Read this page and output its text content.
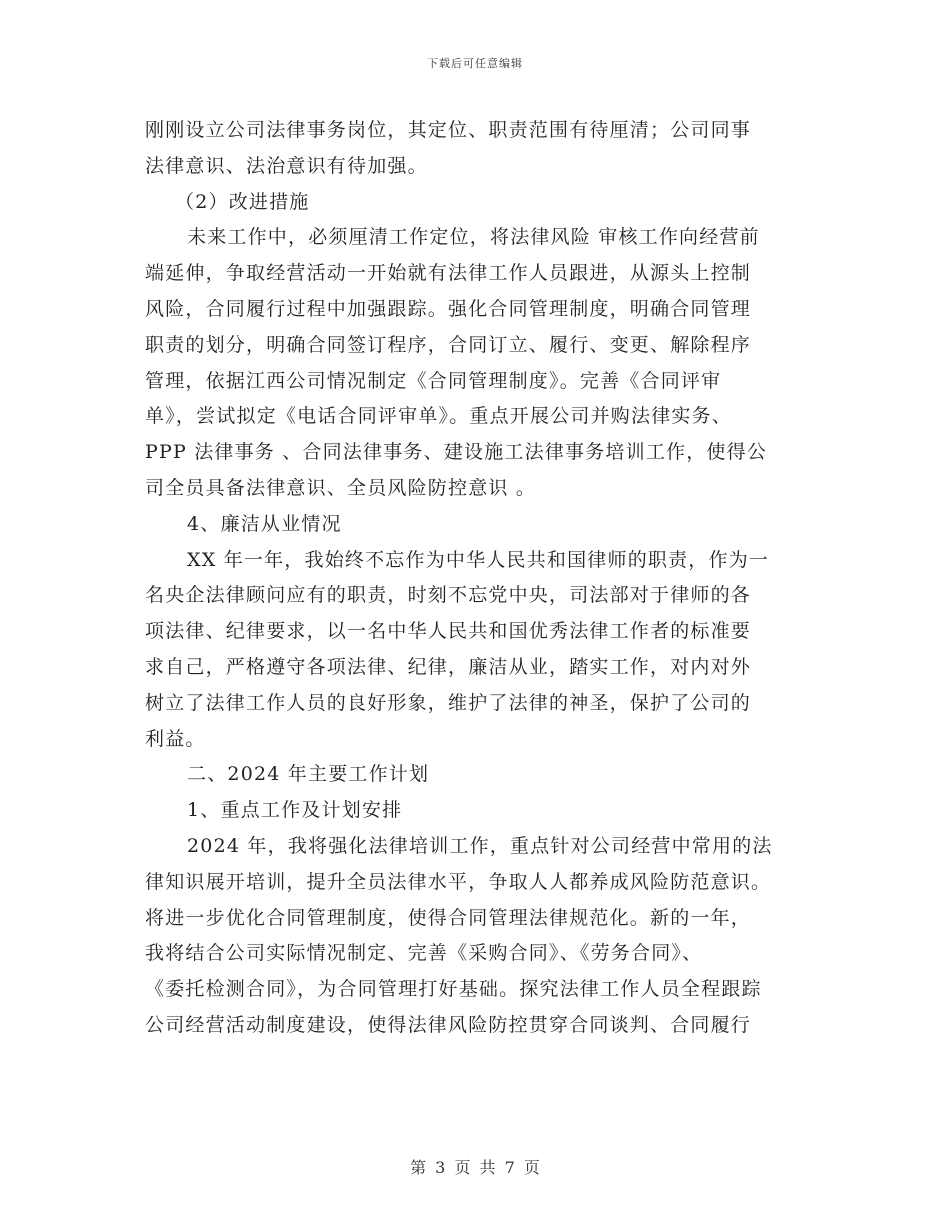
下载后可任意编辑
刚刚设立公司法律事务岗位，其定位、职责范围有待厘清；公司同事
法律意识、法治意识有待加强。
（2）改进措施
未来工作中，必须厘清工作定位，将法律风险 审核工作向经营前
端延伸，争取经营活动一开始就有法律工作人员跟进，从源头上控制
风险，合同履行过程中加强跟踪。强化合同管理制度，明确合同管理
职责的划分，明确合同签订程序，合同订立、履行、变更、解除程序
管理，依据江西公司情况制定《合同管理制度》。完善《合同评审
单》，尝试拟定《电话合同评审单》。重点开展公司并购法律实务、
PPP 法律事务 、合同法律事务、建设施工法律事务培训工作，使得公
司全员具备法律意识、全员风险防控意识 。
4、廉洁从业情况
XX 年一年，我始终不忘作为中华人民共和国律师的职责，作为一
名央企法律顾问应有的职责，时刻不忘党中央，司法部对于律师的各
项法律、纪律要求，以一名中华人民共和国优秀法律工作者的标准要
求自己，严格遵守各项法律、纪律，廉洁从业，踏实工作，对内对外
树立了法律工作人员的良好形象，维护了法律的神圣，保护了公司的
利益。
二、2024 年主要工作计划
1、重点工作及计划安排
2024 年，我将强化法律培训工作，重点针对公司经营中常用的法
律知识展开培训，提升全员法律水平，争取人人都养成风险防范意识。
将进一步优化合同管理制度，使得合同管理法律规范化。新的一年，
我将结合公司实际情况制定、完善《采购合同》、《劳务合同》、
《委托检测合同》，为合同管理打好基础。探究法律工作人员全程跟踪
公司经营活动制度建设，使得法律风险防控贯穿合同谈判、合同履行
第 3 页 共 7 页
